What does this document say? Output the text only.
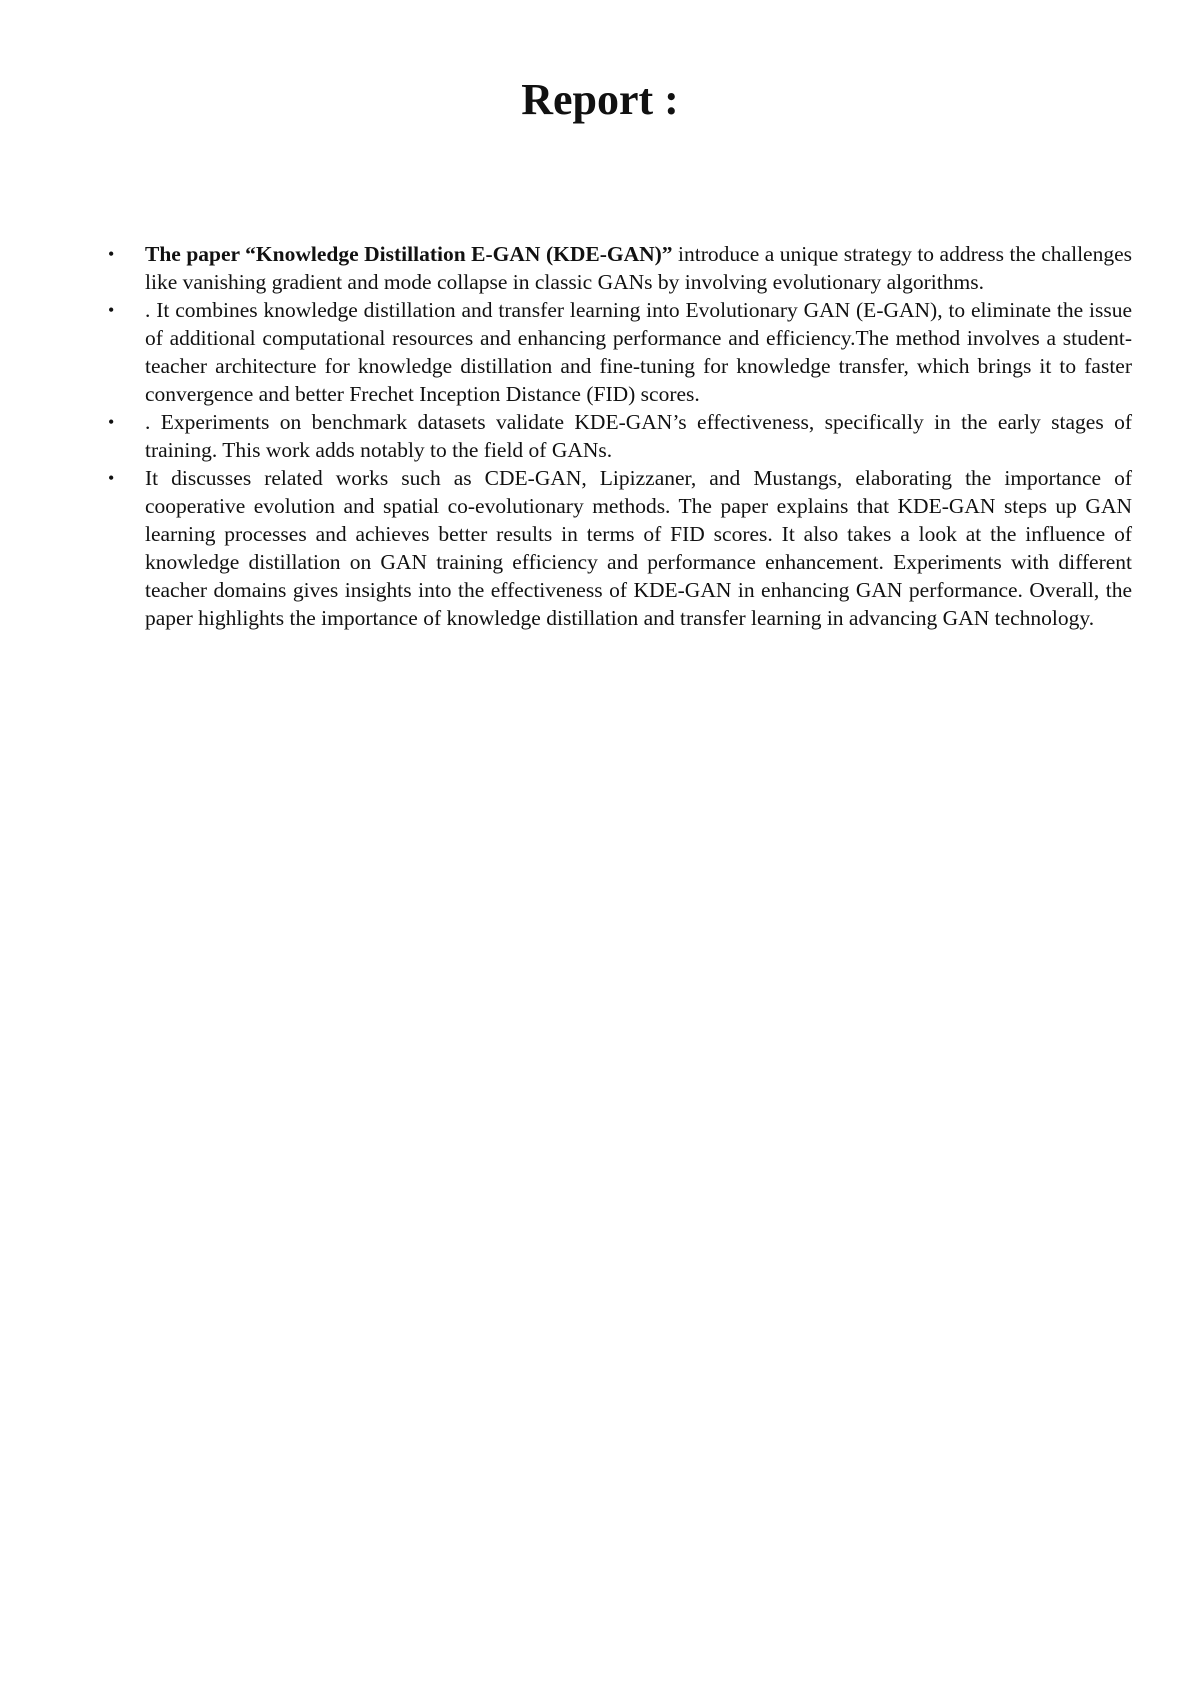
Report :
• The paper “Knowledge Distillation E-GAN (KDE-GAN)” introduce a unique strategy to address the challenges like vanishing gradient and mode collapse in classic GANs by involving evolutionary algorithms.
• . It combines knowledge distillation and transfer learning into Evolutionary GAN (E-GAN), to eliminate the issue of additional computational resources and enhancing performance and efficiency.The method involves a student-teacher architecture for knowledge distillation and fine-tuning for knowledge transfer, which brings it to faster convergence and better Frechet Inception Distance (FID) scores.
• . Experiments on benchmark datasets validate KDE-GAN’s effectiveness, specifically in the early stages of training. This work adds notably to the field of GANs.
• It discusses related works such as CDE-GAN, Lipizzaner, and Mustangs, elaborating the importance of cooperative evolution and spatial co-evolutionary methods. The paper explains that KDE-GAN steps up GAN learning processes and achieves better results in terms of FID scores. It also takes a look at the influence of knowledge distillation on GAN training efficiency and performance enhancement. Experiments with different teacher domains gives insights into the effectiveness of KDE-GAN in enhancing GAN performance. Overall, the paper highlights the importance of knowledge distillation and transfer learning in advancing GAN technology.
